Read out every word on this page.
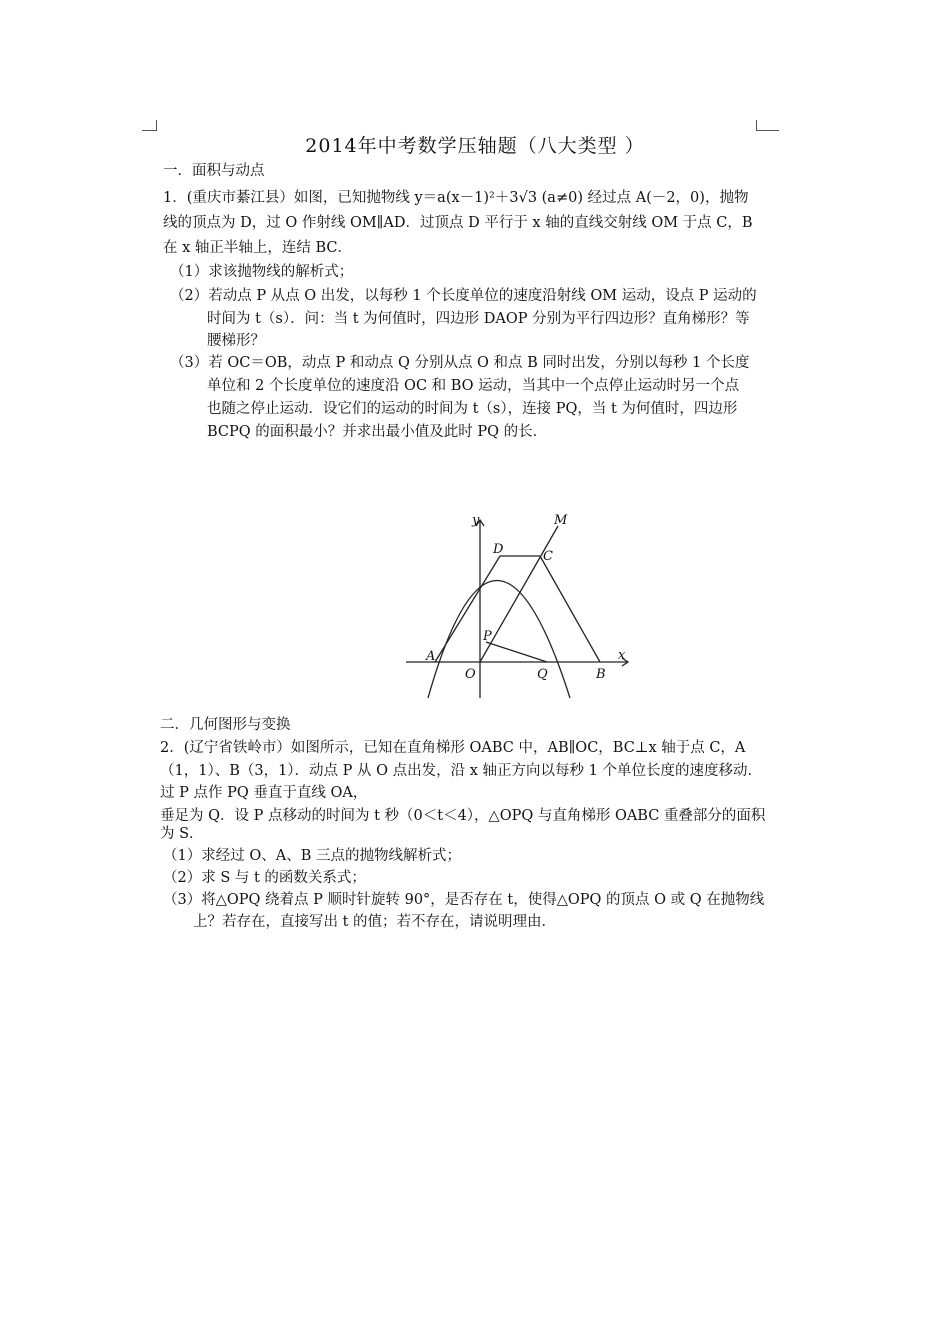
2014年中考数学压轴题（八大类型 ）
一．面积与动点
1．(重庆市綦江县）如图，已知抛物线 y＝a(x－1)²＋3√3 (a≠0) 经过点 A(－2，0)，抛物
线的顶点为 D，过 O 作射线 OM∥AD．过顶点 D 平行于 x 轴的直线交射线 OM 于点 C，B
在 x 轴正半轴上，连结 BC．
（1）求该抛物线的解析式；
（2）若动点 P 从点 O 出发，以每秒 1 个长度单位的速度沿射线 OM 运动，设点 P 运动的
时间为 t（s）．问：当 t 为何值时，四边形 DAOP 分别为平行四边形？直角梯形？等
腰梯形？
（3）若 OC＝OB，动点 P 和动点 Q 分别从点 O 和点 B 同时出发，分别以每秒 1 个长度
单位和 2 个长度单位的速度沿 OC 和 BO 运动，当其中一个点停止运动时另一个点
也随之停止运动．设它们的运动的时间为 t（s），连接 PQ，当 t 为何值时，四边形
BCPQ 的面积最小？并求出最小值及此时 PQ 的长．
y	M
D	C
P
A	x
O	Q	B
二．几何图形与变换
2．(辽宁省铁岭市）如图所示，已知在直角梯形 OABC 中，AB∥OC，BC⊥x 轴于点 C，A
（1，1）、B（3，1）．动点 P 从 O 点出发，沿 x 轴正方向以每秒 1 个单位长度的速度移动．
过 P 点作 PQ 垂直于直线 OA，
垂足为 Q．设 P 点移动的时间为 t 秒（0＜t＜4），△OPQ 与直角梯形 OABC 重叠部分的面积
为 S．
（1）求经过 O、A、B 三点的抛物线解析式；
（2）求 S 与 t 的函数关系式；
（3）将△OPQ 绕着点 P 顺时针旋转 90°，是否存在 t，使得△OPQ 的顶点 O 或 Q 在抛物线
上？若存在，直接写出 t 的值；若不存在，请说明理由．
